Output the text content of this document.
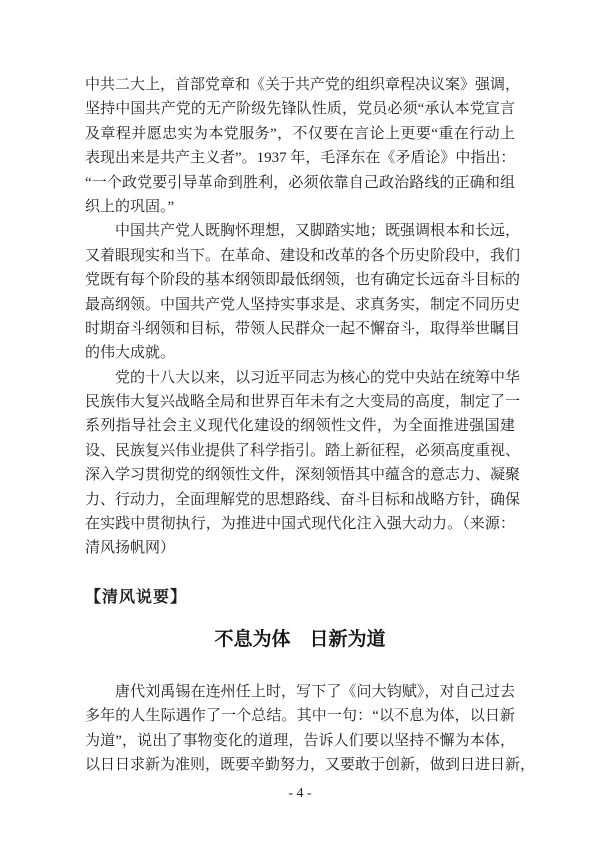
中共二大上，首部党章和《关于共产党的组织章程决议案》强调，
坚持中国共产党的无产阶级先锋队性质，党员必须“承认本党宣言
及章程并愿忠实为本党服务”，不仅要在言论上更要“重在行动上
表现出来是共产主义者”。1937 年，毛泽东在《矛盾论》中指出：
“一个政党要引导革命到胜利，必须依靠自己政治路线的正确和组
织上的巩固。”

中国共产党人既胸怀理想，又脚踏实地；既强调根本和长远，
又着眼现实和当下。在革命、建设和改革的各个历史阶段中，我们
党既有每个阶段的基本纲领即最低纲领，也有确定长远奋斗目标的
最高纲领。中国共产党人坚持实事求是、求真务实，制定不同历史
时期奋斗纲领和目标，带领人民群众一起不懈奋斗，取得举世瞩目
的伟大成就。

党的十八大以来，以习近平同志为核心的党中央站在统筹中华
民族伟大复兴战略全局和世界百年未有之大变局的高度，制定了一
系列指导社会主义现代化建设的纲领性文件，为全面推进强国建
设、民族复兴伟业提供了科学指引。踏上新征程，必须高度重视、
深入学习贯彻党的纲领性文件，深刻领悟其中蕴含的意志力、凝聚
力、行动力，全面理解党的思想路线、奋斗目标和战略方针，确保
在实践中贯彻执行，为推进中国式现代化注入强大动力。（来源：
清风扬帆网）

【清风说要】
不息为体　日新为道

唐代刘禹锡在连州任上时，写下了《问大钧赋》，对自己过去
多年的人生际遇作了一个总结。其中一句：“以不息为体，以日新
为道”，说出了事物变化的道理，告诉人们要以坚持不懈为本体，
以日日求新为准则，既要辛勤努力，又要敢于创新，做到日进日新，

- 4 -
